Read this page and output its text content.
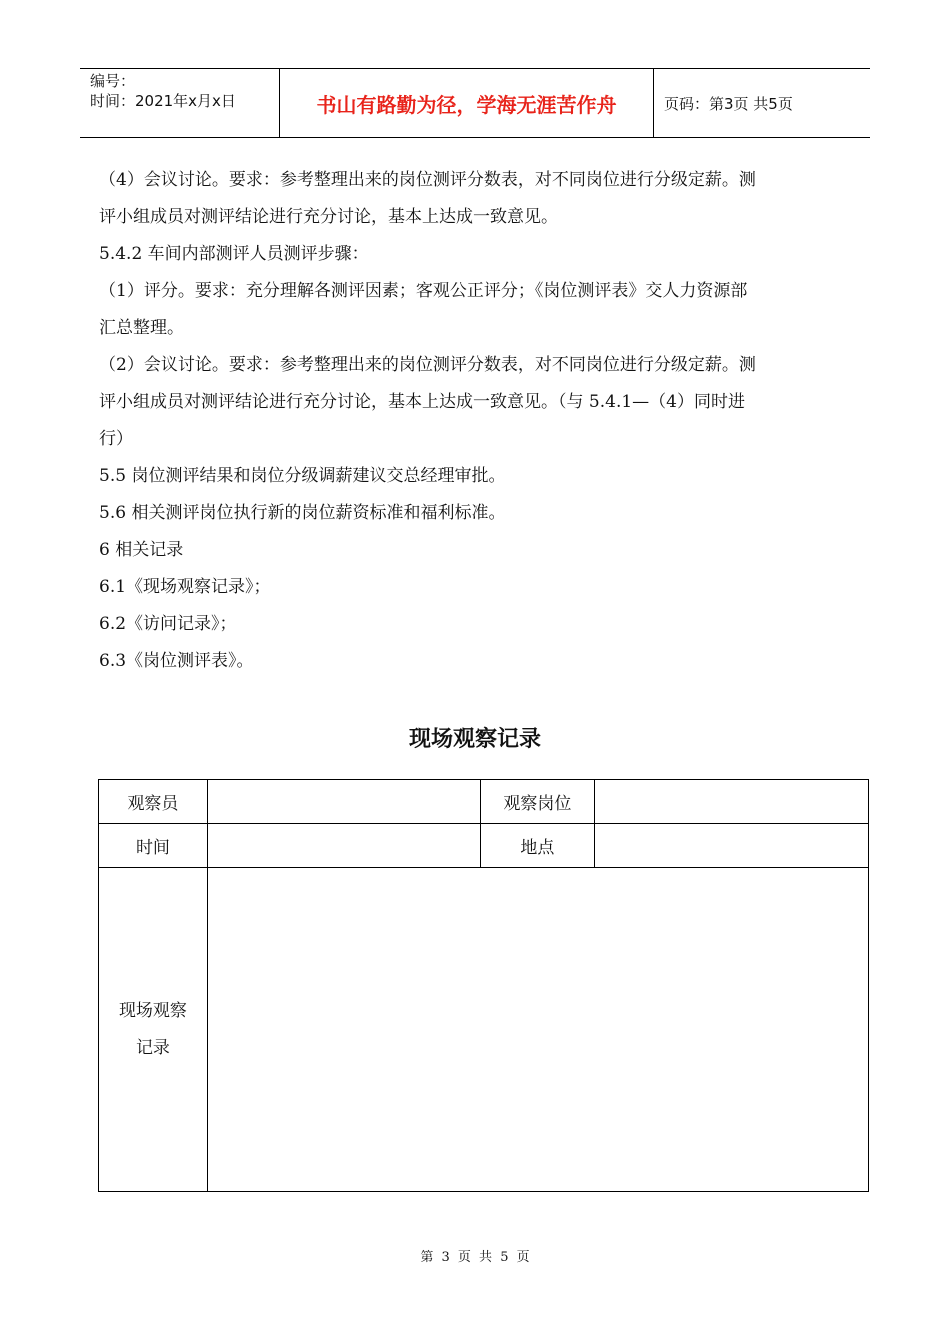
编号：
时间：2021年x月x日	书山有路勤为径，学海无涯苦作舟	页码：第3页 共5页

（4）会议讨论。要求：参考整理出来的岗位测评分数表，对不同岗位进行分级定薪。测

评小组成员对测评结论进行充分讨论，基本上达成一致意见。

5.4.2 车间内部测评人员测评步骤：

（1）评分。要求：充分理解各测评因素；客观公正评分；《岗位测评表》交人力资源部

汇总整理。

（2）会议讨论。要求：参考整理出来的岗位测评分数表，对不同岗位进行分级定薪。测

评小组成员对测评结论进行充分讨论，基本上达成一致意见。（与 5.4.1—（4）同时进

行）

5.5 岗位测评结果和岗位分级调薪建议交总经理审批。

5.6 相关测评岗位执行新的岗位薪资标准和福利标准。

6 相关记录

6.1《现场观察记录》；

6.2《访问记录》；

6.3《岗位测评表》。

现场观察记录
观察员		观察岗位	
时间		地点	

现场观察
记录			

第 3 页 共 5 页
